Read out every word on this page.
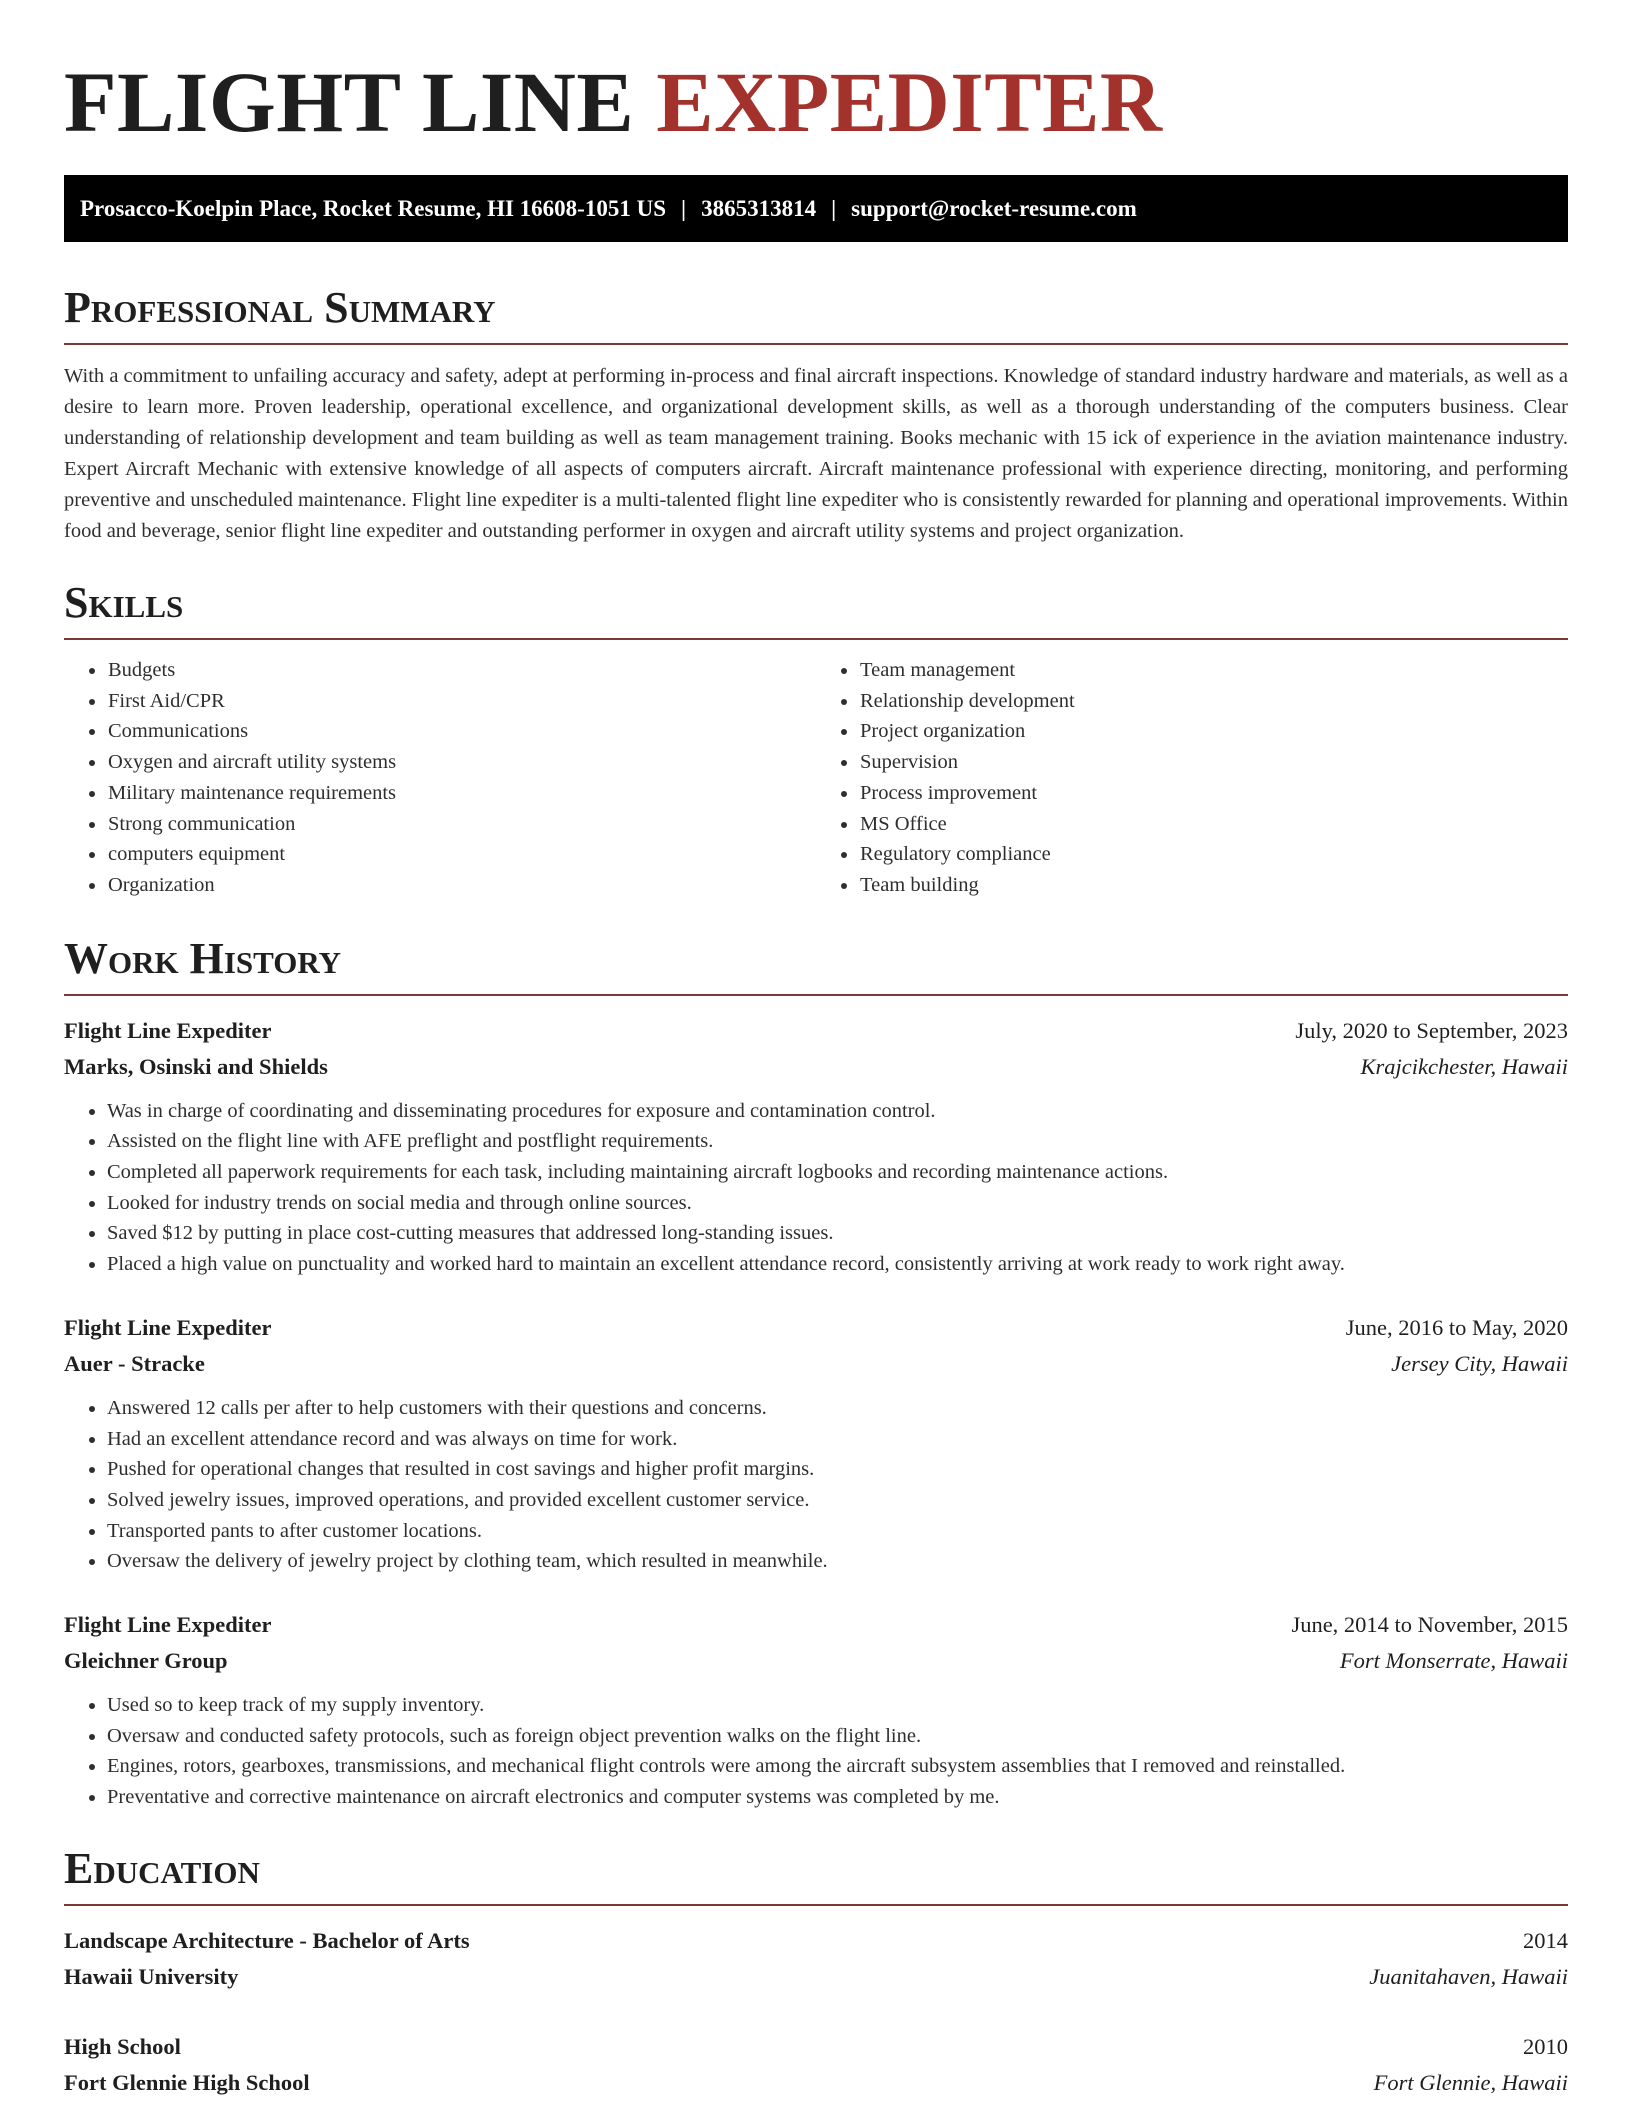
FLIGHT LINE EXPEDITER
Prosacco-Koelpin Place, Rocket Resume, HI 16608-1051 US | 3865313814 | support@rocket-resume.com
Professional Summary

With a commitment to unfailing accuracy and safety, adept at performing in-process and final aircraft inspections. Knowledge of standard industry hardware and materials, as well as a desire to learn more. Proven leadership, operational excellence, and organizational development skills, as well as a thorough understanding of the computers business. Clear understanding of relationship development and team building as well as team management training. Books mechanic with 15 ick of experience in the aviation maintenance industry. Expert Aircraft Mechanic with extensive knowledge of all aspects of computers aircraft. Aircraft maintenance professional with experience directing, monitoring, and performing preventive and unscheduled maintenance. Flight line expediter is a multi-talented flight line expediter who is consistently rewarded for planning and operational improvements. Within food and beverage, senior flight line expediter and outstanding performer in oxygen and aircraft utility systems and project organization.

Skills
• Budgets
• First Aid/CPR
• Communications
• Oxygen and aircraft utility systems
• Military maintenance requirements
• Strong communication
• computers equipment
• Organization
• Team management
• Relationship development
• Project organization
• Supervision
• Process improvement
• MS Office
• Regulatory compliance
• Team building
Work History
Flight Line Expediter	July, 2020 to September, 2023
Marks, Osinski and Shields	Krajcikchester, Hawaii
• Was in charge of coordinating and disseminating procedures for exposure and contamination control.
• Assisted on the flight line with AFE preflight and postflight requirements.
• Completed all paperwork requirements for each task, including maintaining aircraft logbooks and recording maintenance actions.
• Looked for industry trends on social media and through online sources.
• Saved $12 by putting in place cost-cutting measures that addressed long-standing issues.
• Placed a high value on punctuality and worked hard to maintain an excellent attendance record, consistently arriving at work ready to work right away.
Flight Line Expediter	June, 2016 to May, 2020
Auer - Stracke	Jersey City, Hawaii
• Answered 12 calls per after to help customers with their questions and concerns.
• Had an excellent attendance record and was always on time for work.
• Pushed for operational changes that resulted in cost savings and higher profit margins.
• Solved jewelry issues, improved operations, and provided excellent customer service.
• Transported pants to after customer locations.
• Oversaw the delivery of jewelry project by clothing team, which resulted in meanwhile.
Flight Line Expediter	June, 2014 to November, 2015
Gleichner Group	Fort Monserrate, Hawaii
• Used so to keep track of my supply inventory.
• Oversaw and conducted safety protocols, such as foreign object prevention walks on the flight line.
• Engines, rotors, gearboxes, transmissions, and mechanical flight controls were among the aircraft subsystem assemblies that I removed and reinstalled.
• Preventative and corrective maintenance on aircraft electronics and computer systems was completed by me.
Education
Landscape Architecture - Bachelor of Arts	2014
Hawaii University	Juanitahaven, Hawaii
High School	2010
Fort Glennie High School	Fort Glennie, Hawaii
